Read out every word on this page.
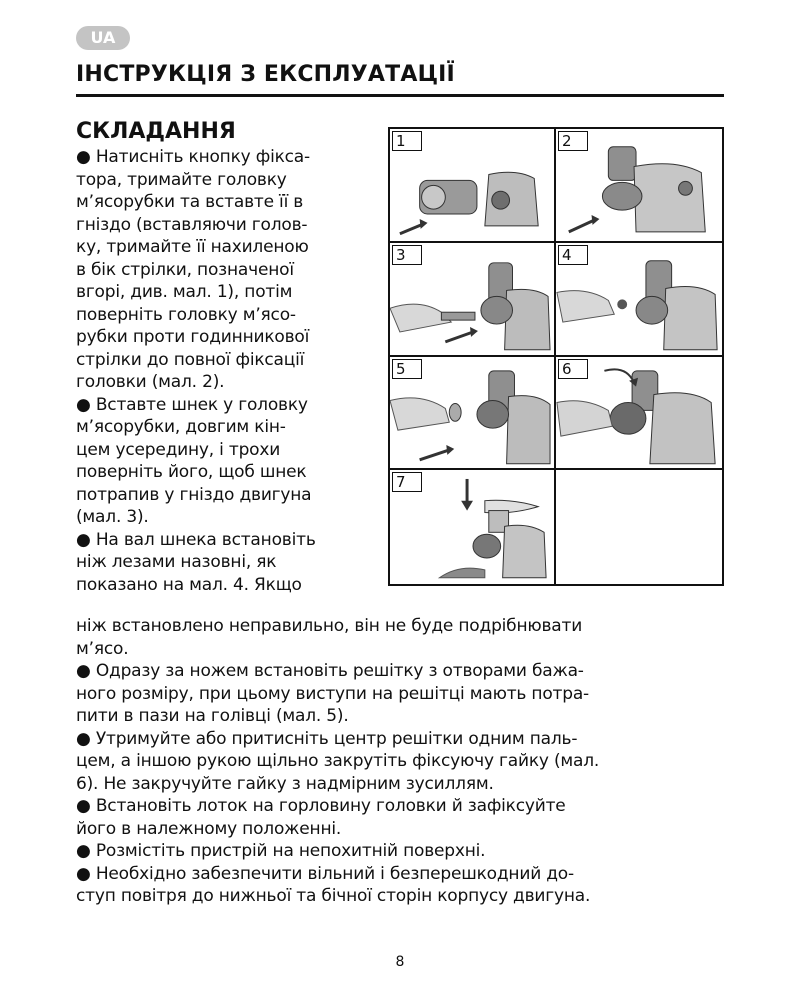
UA
ІНСТРУКЦІЯ З ЕКСПЛУАТАЦІЇ
СКЛАДАННЯ

● Натисніть кнопку фікса-
тора, тримайте головку
м’ясорубки та вставте її в
гніздо (вставляючи голов-
ку, тримайте її нахиленою
в бік стрілки, позначеної
вгорі, див. мал. 1), потім
поверніть головку м’ясо-
рубки проти годинникової
стрілки до повної фіксації
головки (мал. 2).

● Вставте шнек у головку
м’ясорубки, довгим кін-
цем усередину, і трохи
поверніть його, щоб шнек
потрапив у гніздо двигуна
(мал. 3).

● На вал шнека встановіть
ніж лезами назовні, як
показано на мал. 4. Якщо

ніж встановлено неправильно, він не буде подрібнювати
м’ясо.

● Одразу за ножем встановіть решітку з отворами бажа-
ного розміру, при цьому виступи на решітці мають потра-
пити в пази на голівці (мал. 5).

● Утримуйте або притисніть центр решітки одним паль-
цем, а іншою рукою щільно закрутіть фіксуючу гайку (мал.
6). Не закручуйте гайку з надмірним зусиллям.

● Встановіть лоток на горловину головки й зафіксуйте
його в належному положенні.

● Розмістіть пристрій на непохитній поверхні.

● Необхідно забезпечити вільний і безперешкодний до-
ступ повітря до нижньої та бічної сторін корпусу двигуна.

1	2
3	4
5	6
7
8
